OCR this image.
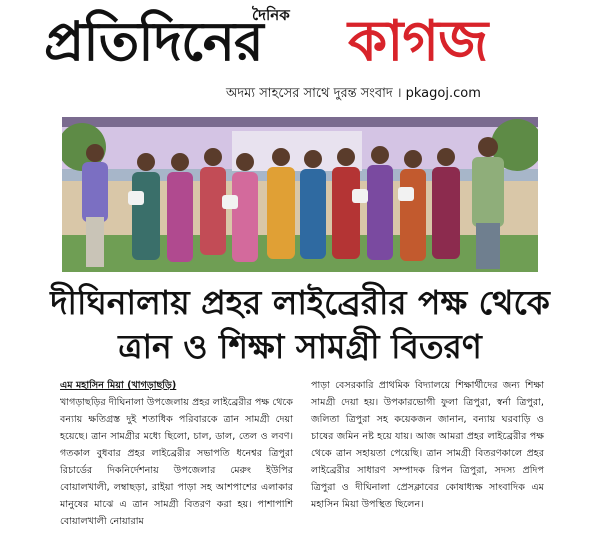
দৈনিক
প্রতিদিনের কাগজ
অদম্য সাহসের সাথে দুরন্ত সংবাদ । pkagoj.com
দীঘিনালায় প্রহর লাইব্রেরীর পক্ষ থেকে
ত্রান ও শিক্ষা সামগ্রী বিতরণ
এম মহাসিন মিয়া (খাগড়াছড়ি)
খাগড়াছড়ির দীঘিনালা উপজেলায় প্রহর লাইব্রেরীর পক্ষ থেকে বন্যায় ক্ষতিগ্রস্ত দুই শতাধিক পরিবারকে ত্রান সামগ্রী দেয়া হয়েছে। ত্রান সামগ্রীর মধ্যে ছিলো, চাল, ডাল, তেল ও লবণ। গতকাল বুধবার প্রহর লাইব্রেরীর সভাপতি ধনেশ্বর ত্রিপুরা রিচার্ডের দিকনির্দেশনায় উপজেলার মেরুং ইউপির বোয়ালখালী, লম্বাছড়া, রাইয়া পাড়া সহ আশপাশের এলাকার মানুষের মাঝে এ ত্রান সামগ্রী বিতরণ করা হয়। পাশাপাশি বোয়ালখালী নোয়ারাম
পাড়া বেসরকারি প্রাথমিক বিদ্যালয়ে শিক্ষার্থীদের জন্য শিক্ষা সামগ্রী দেয়া হয়। উপকারভোগী ফুলা ত্রিপুরা, স্বর্না ত্রিপুরা, জলিতা ত্রিপুরা সহ কয়েকজন জানান, বন্যায় ঘরবাড়ি ও চাষের জমিন নষ্ট হয়ে যায়। আজ আমরা প্রহর লাইব্রেরীর পক্ষ থেকে ত্রান সহায়তা পেয়েছি। ত্রান সামগ্রী বিতরণকালে প্রহর লাইব্রেরীর সাধারণ সম্পাদক রিপন ত্রিপুরা, সদস্য প্রদিপ ত্রিপুরা ও দীঘিনালা প্রেসক্লাবের কোষাধ্যক্ষ সাংবাদিক এম মহাসিন মিয়া উপস্থিত ছিলেন।
